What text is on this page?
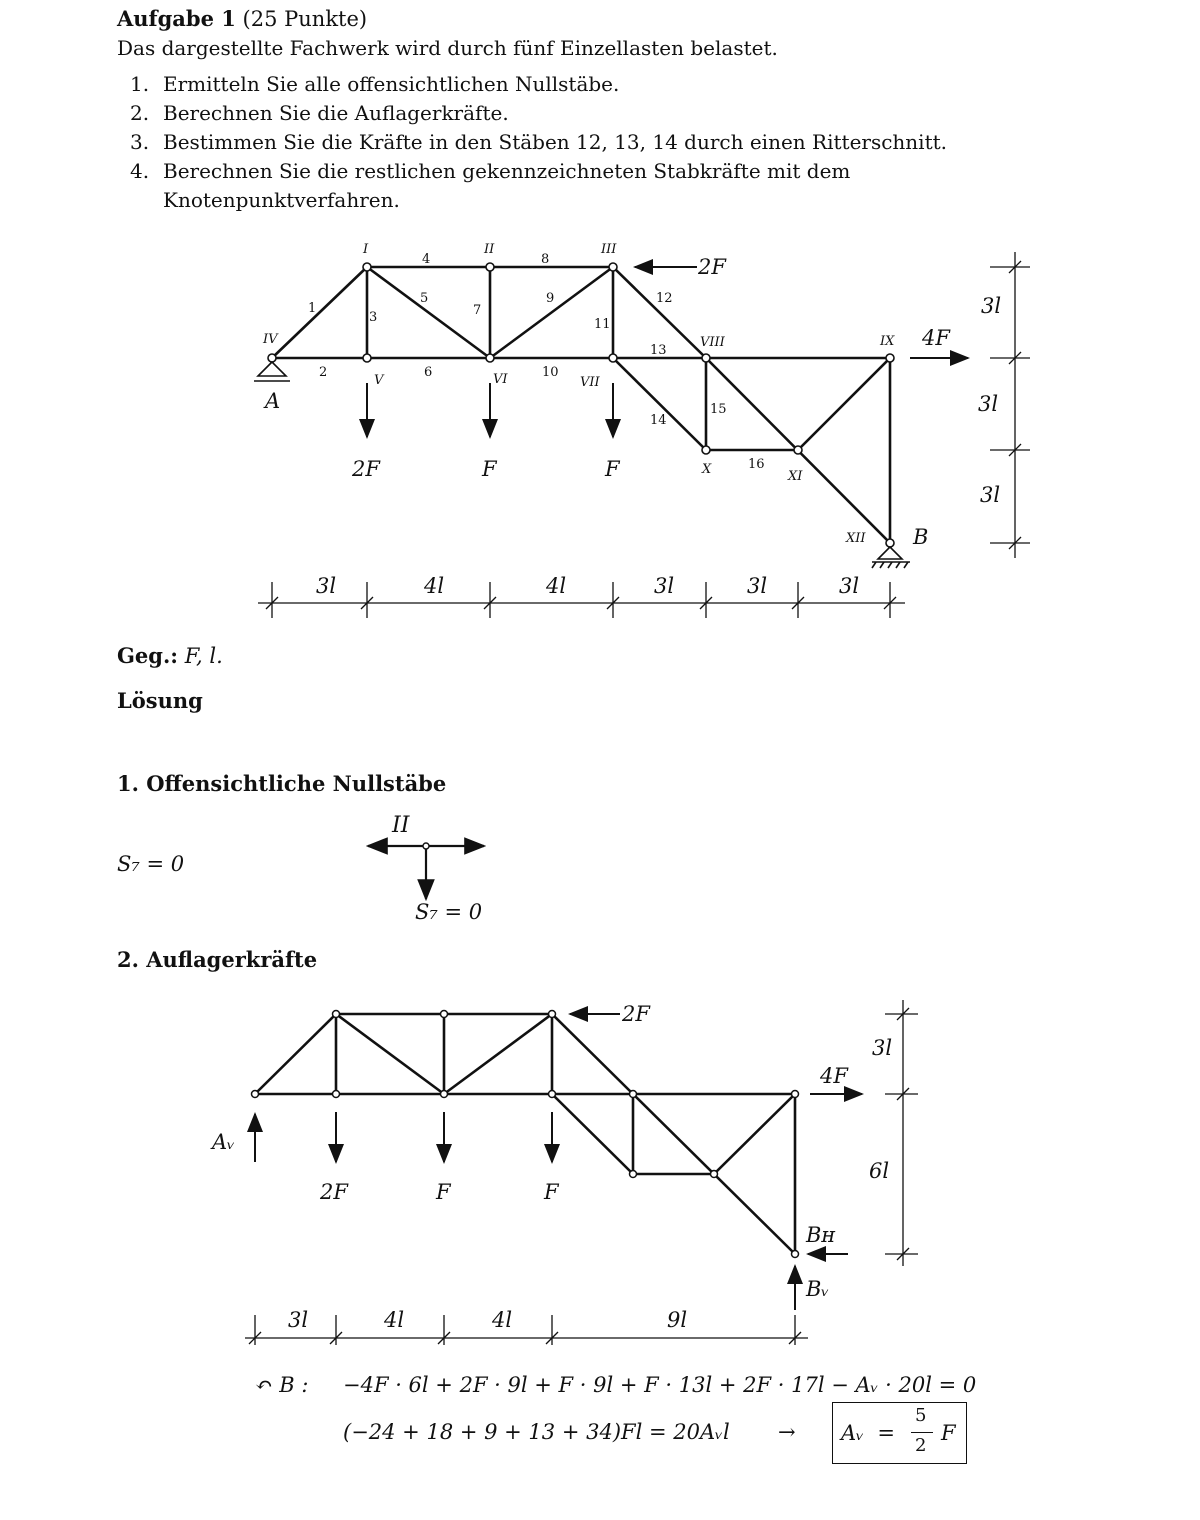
Aufgabe 1 (25 Punkte)
Das dargestellte Fachwerk wird durch fünf Einzellasten belastet.
1. Ermitteln Sie alle offensichtlichen Nullstäbe.
2. Berechnen Sie die Auflagerkräfte.
3. Bestimmen Sie die Kräfte in den Stäben 12, 13, 14 durch einen Ritterschnitt.
4. Berechnen Sie die restlichen gekennzeichneten Stabkräfte mit dem Knotenpunktverfahren.
I	II	III
IV
V	VI	VII
VIII	IX
X	XI
XII
1
2
3
4
5
6
7
8
9
10
11
12
13
14
15
16
A
B
2F
4F
2F	F	F
3l	4l	4l	3l	3l	3l
3l
3l
3l
Geg.: F, l.
Lösung
1. Offensichtliche Nullstäbe
S₇ = 0
II
S₇ = 0
2. Auflagerkräfte
2F
4F
2F	F	F
Aᵥ
Bʜ
Bᵥ
3l	4l	4l	9l
3l
6l
↶ B : −4F · 6l + 2F · 9l + F · 9l + F · 13l + 2F · 17l − Aᵥ · 20l = 0
(−24 + 18 + 9 + 13 + 34)Fl = 20Aᵥl → Aᵥ  =
5
2
F
